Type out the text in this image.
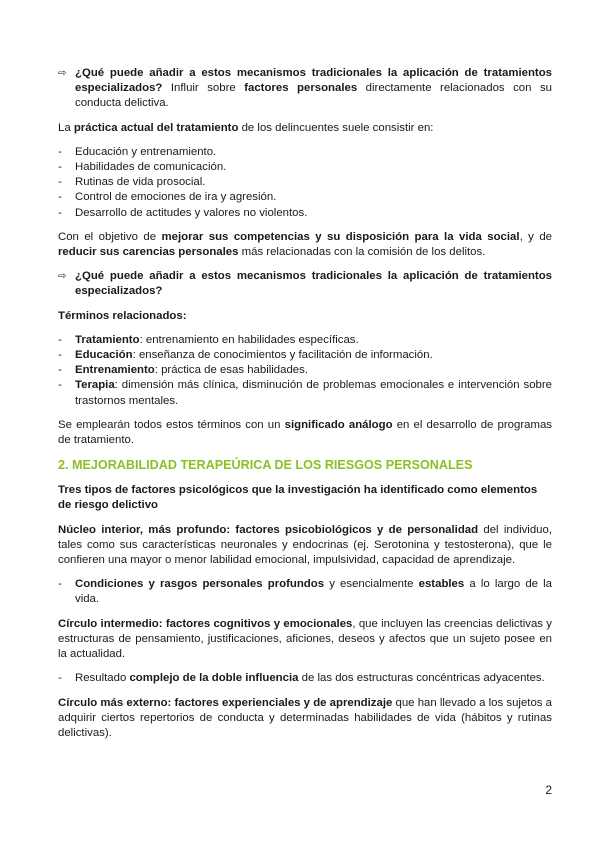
⇨ ¿Qué puede añadir a estos mecanismos tradicionales la aplicación de tratamientos especializados? Influir sobre factores personales directamente relacionados con su conducta delictiva.

La práctica actual del tratamiento de los delincuentes suele consistir en:

- Educación y entrenamiento.
- Habilidades de comunicación.
- Rutinas de vida prosocial.
- Control de emociones de ira y agresión.
- Desarrollo de actitudes y valores no violentos.

Con el objetivo de mejorar sus competencias y su disposición para la vida social, y de reducir sus carencias personales más relacionadas con la comisión de los delitos.

⇨ ¿Qué puede añadir a estos mecanismos tradicionales la aplicación de tratamientos especializados?

Términos relacionados:

- Tratamiento: entrenamiento en habilidades específicas.
- Educación: enseñanza de conocimientos y facilitación de información.
- Entrenamiento: práctica de esas habilidades.
- Terapia: dimensión más clínica, disminución de problemas emocionales e intervención sobre trastornos mentales.

Se emplearán todos estos términos con un significado análogo en el desarrollo de programas de tratamiento.

2. MEJORABILIDAD TERAPEÚRICA DE LOS RIESGOS PERSONALES

Tres tipos de factores psicológicos que la investigación ha identificado como elementos de riesgo delictivo

Núcleo interior, más profundo: factores psicobiológicos y de personalidad del individuo, tales como sus características neuronales y endocrinas (ej. Serotonina y testosterona), que le confieren una mayor o menor labilidad emocional, impulsividad, capacidad de aprendizaje.

- Condiciones y rasgos personales profundos y esencialmente estables a lo largo de la vida.

Círculo intermedio: factores cognitivos y emocionales, que incluyen las creencias delictivas y estructuras de pensamiento, justificaciones, aficiones, deseos y afectos que un sujeto posee en la actualidad.

- Resultado complejo de la doble influencia de las dos estructuras concéntricas adyacentes.

Círculo más externo: factores experienciales y de aprendizaje que han llevado a los sujetos a adquirir ciertos repertorios de conducta y determinadas habilidades de vida (hábitos y rutinas delictivas).

2
